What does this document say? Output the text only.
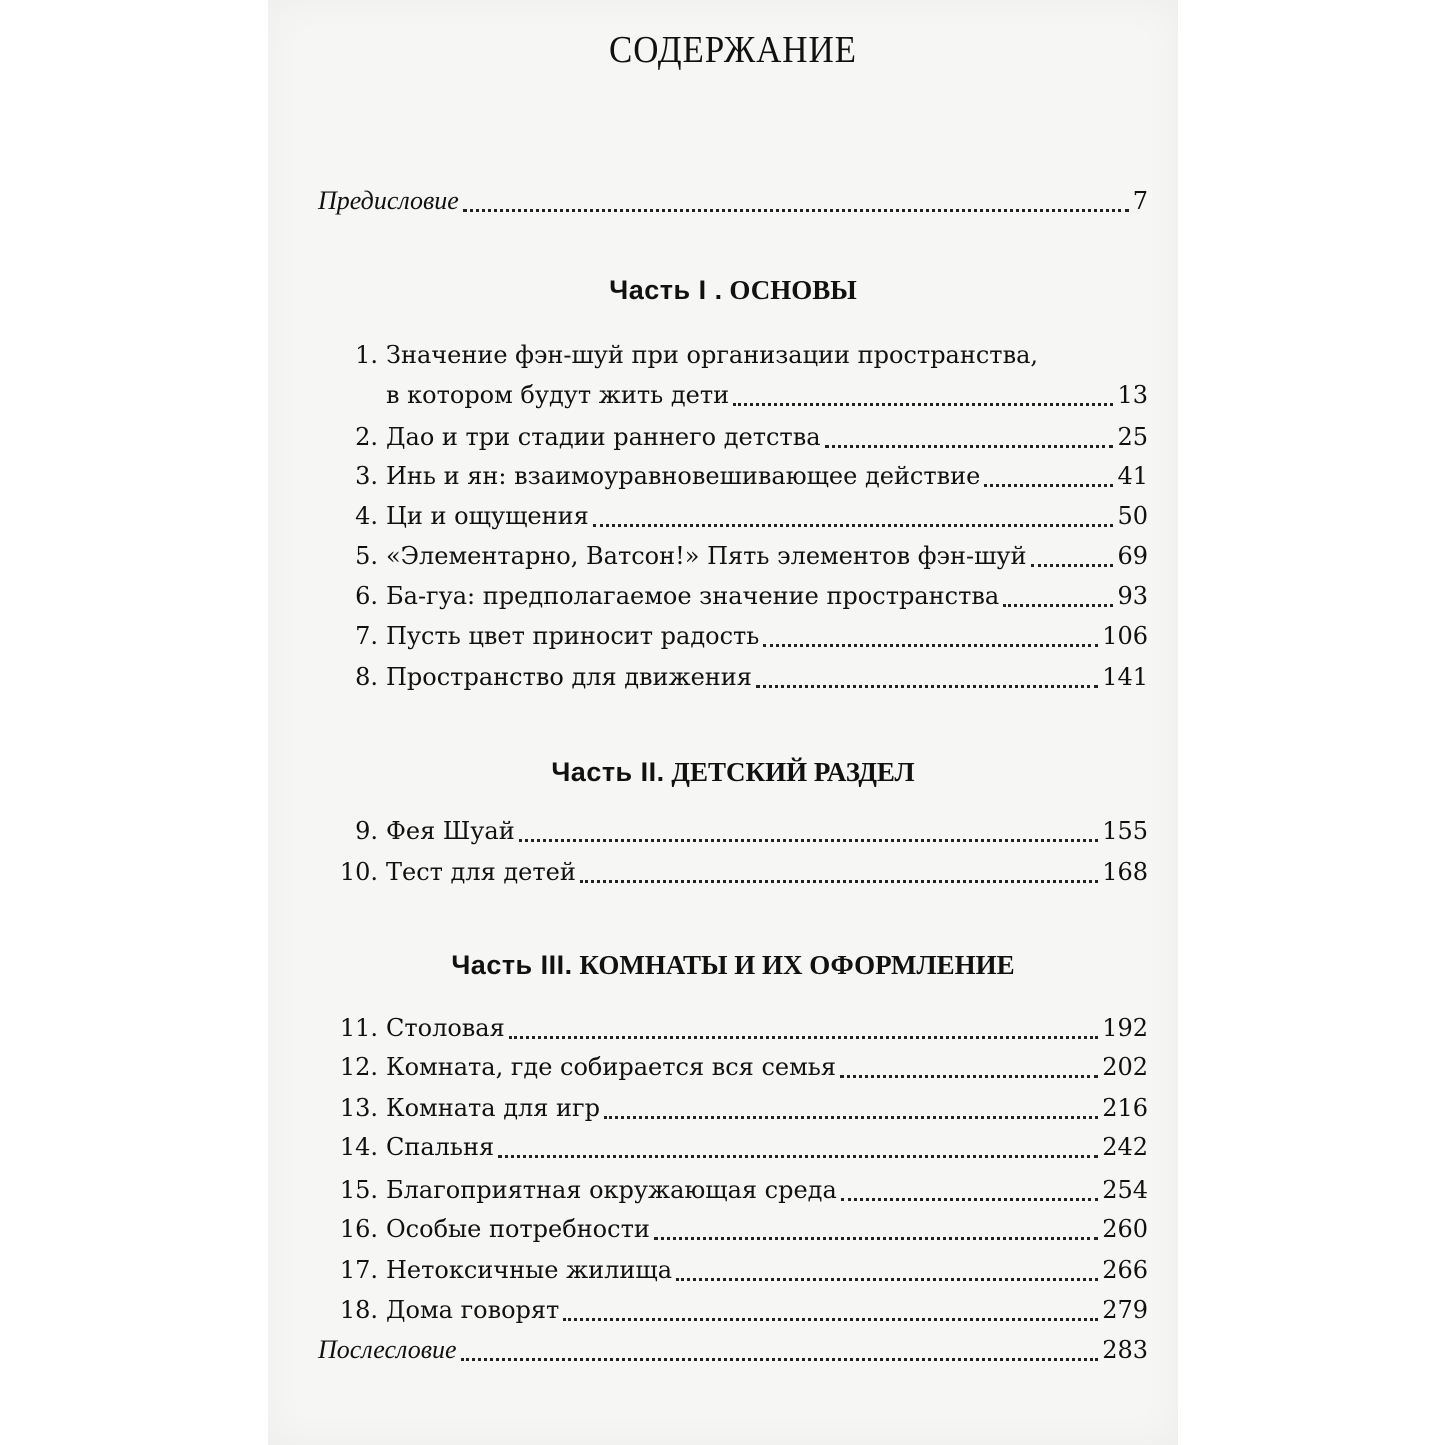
СОДЕРЖАНИЕ
Предисловие	7
Часть I . ОСНОВЫ
1. Значение фэн-шуй при организации пространства,
в котором будут жить дети	13
2. Дао и три стадии раннего детства	25
3. Инь и ян: взаимоуравновешивающее действие	41
4. Ци и ощущения	50
5. «Элементарно, Ватсон!» Пять элементов фэн-шуй	69
6. Ба-гуа: предполагаемое значение пространства	93
7. Пусть цвет приносит радость	106
8. Пространство для движения	141
Часть II. ДЕТСКИЙ РАЗДЕЛ
9. Фея Шуай	155
10. Тест для детей	168
Часть III. КОМНАТЫ И ИХ ОФОРМЛЕНИЕ
11. Столовая	192
12. Комната, где собирается вся семья	202
13. Комната для игр	216
14. Спальня	242
15. Благоприятная окружающая среда	254
16. Особые потребности	260
17. Нетоксичные жилища	266
18. Дома говорят	279
Послесловие	283
